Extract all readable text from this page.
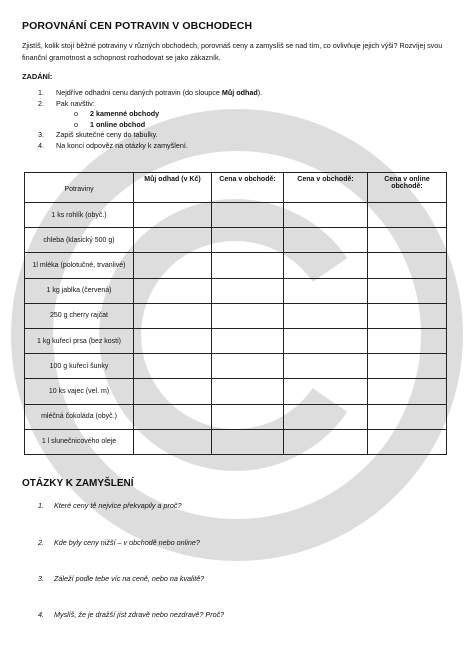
POROVNÁNÍ CEN POTRAVIN V OBCHODECH
Zjistíš, kolik stojí běžné potraviny v různých obchodech, porovnáš ceny a zamyslíš se nad tím, co ovlivňuje jejich výši? Rozvíjej svou finanční gramotnost a schopnost rozhodovat se jako zákazník.
ZADÁNÍ:
1.	Nejdříve odhadni cenu daných potravin (do sloupce Můj odhad).
2.	Pak navštiv:
o	2 kamenné obchody
o	1 online obchod
3.	Zapiš skutečné ceny do tabulky.
4.	Na konci odpověz na otázky k zamyšlení.
Potraviny	Můj odhad (v Kč)	Cena v obchodě:	Cena v obchodě:	Cena v online obchodě:
1 ks rohlík (obyč.)				
chleba (klasický 500 g)				
1l mléka (polotučné, trvanlivé)				
1 kg jablka (červená)				
250 g cherry rajčat				
1 kg kuřecí prsa (bez kosti)				
100 g kuřecí šunky				
10 ks vajec (vel. m)				
mléčná čokoláda (obyč.)				
1 l slunečnicového oleje				
OTÁZKY K ZAMYŠLENÍ
1. Které ceny tě nejvíce překvapily a proč?
2. Kde byly ceny nižší – v obchodě nebo online?
3. Záleží podle tebe víc na ceně, nebo na kvalitě?
4. Myslíš, že je dražší jíst zdravě nebo nezdravě? Proč?
